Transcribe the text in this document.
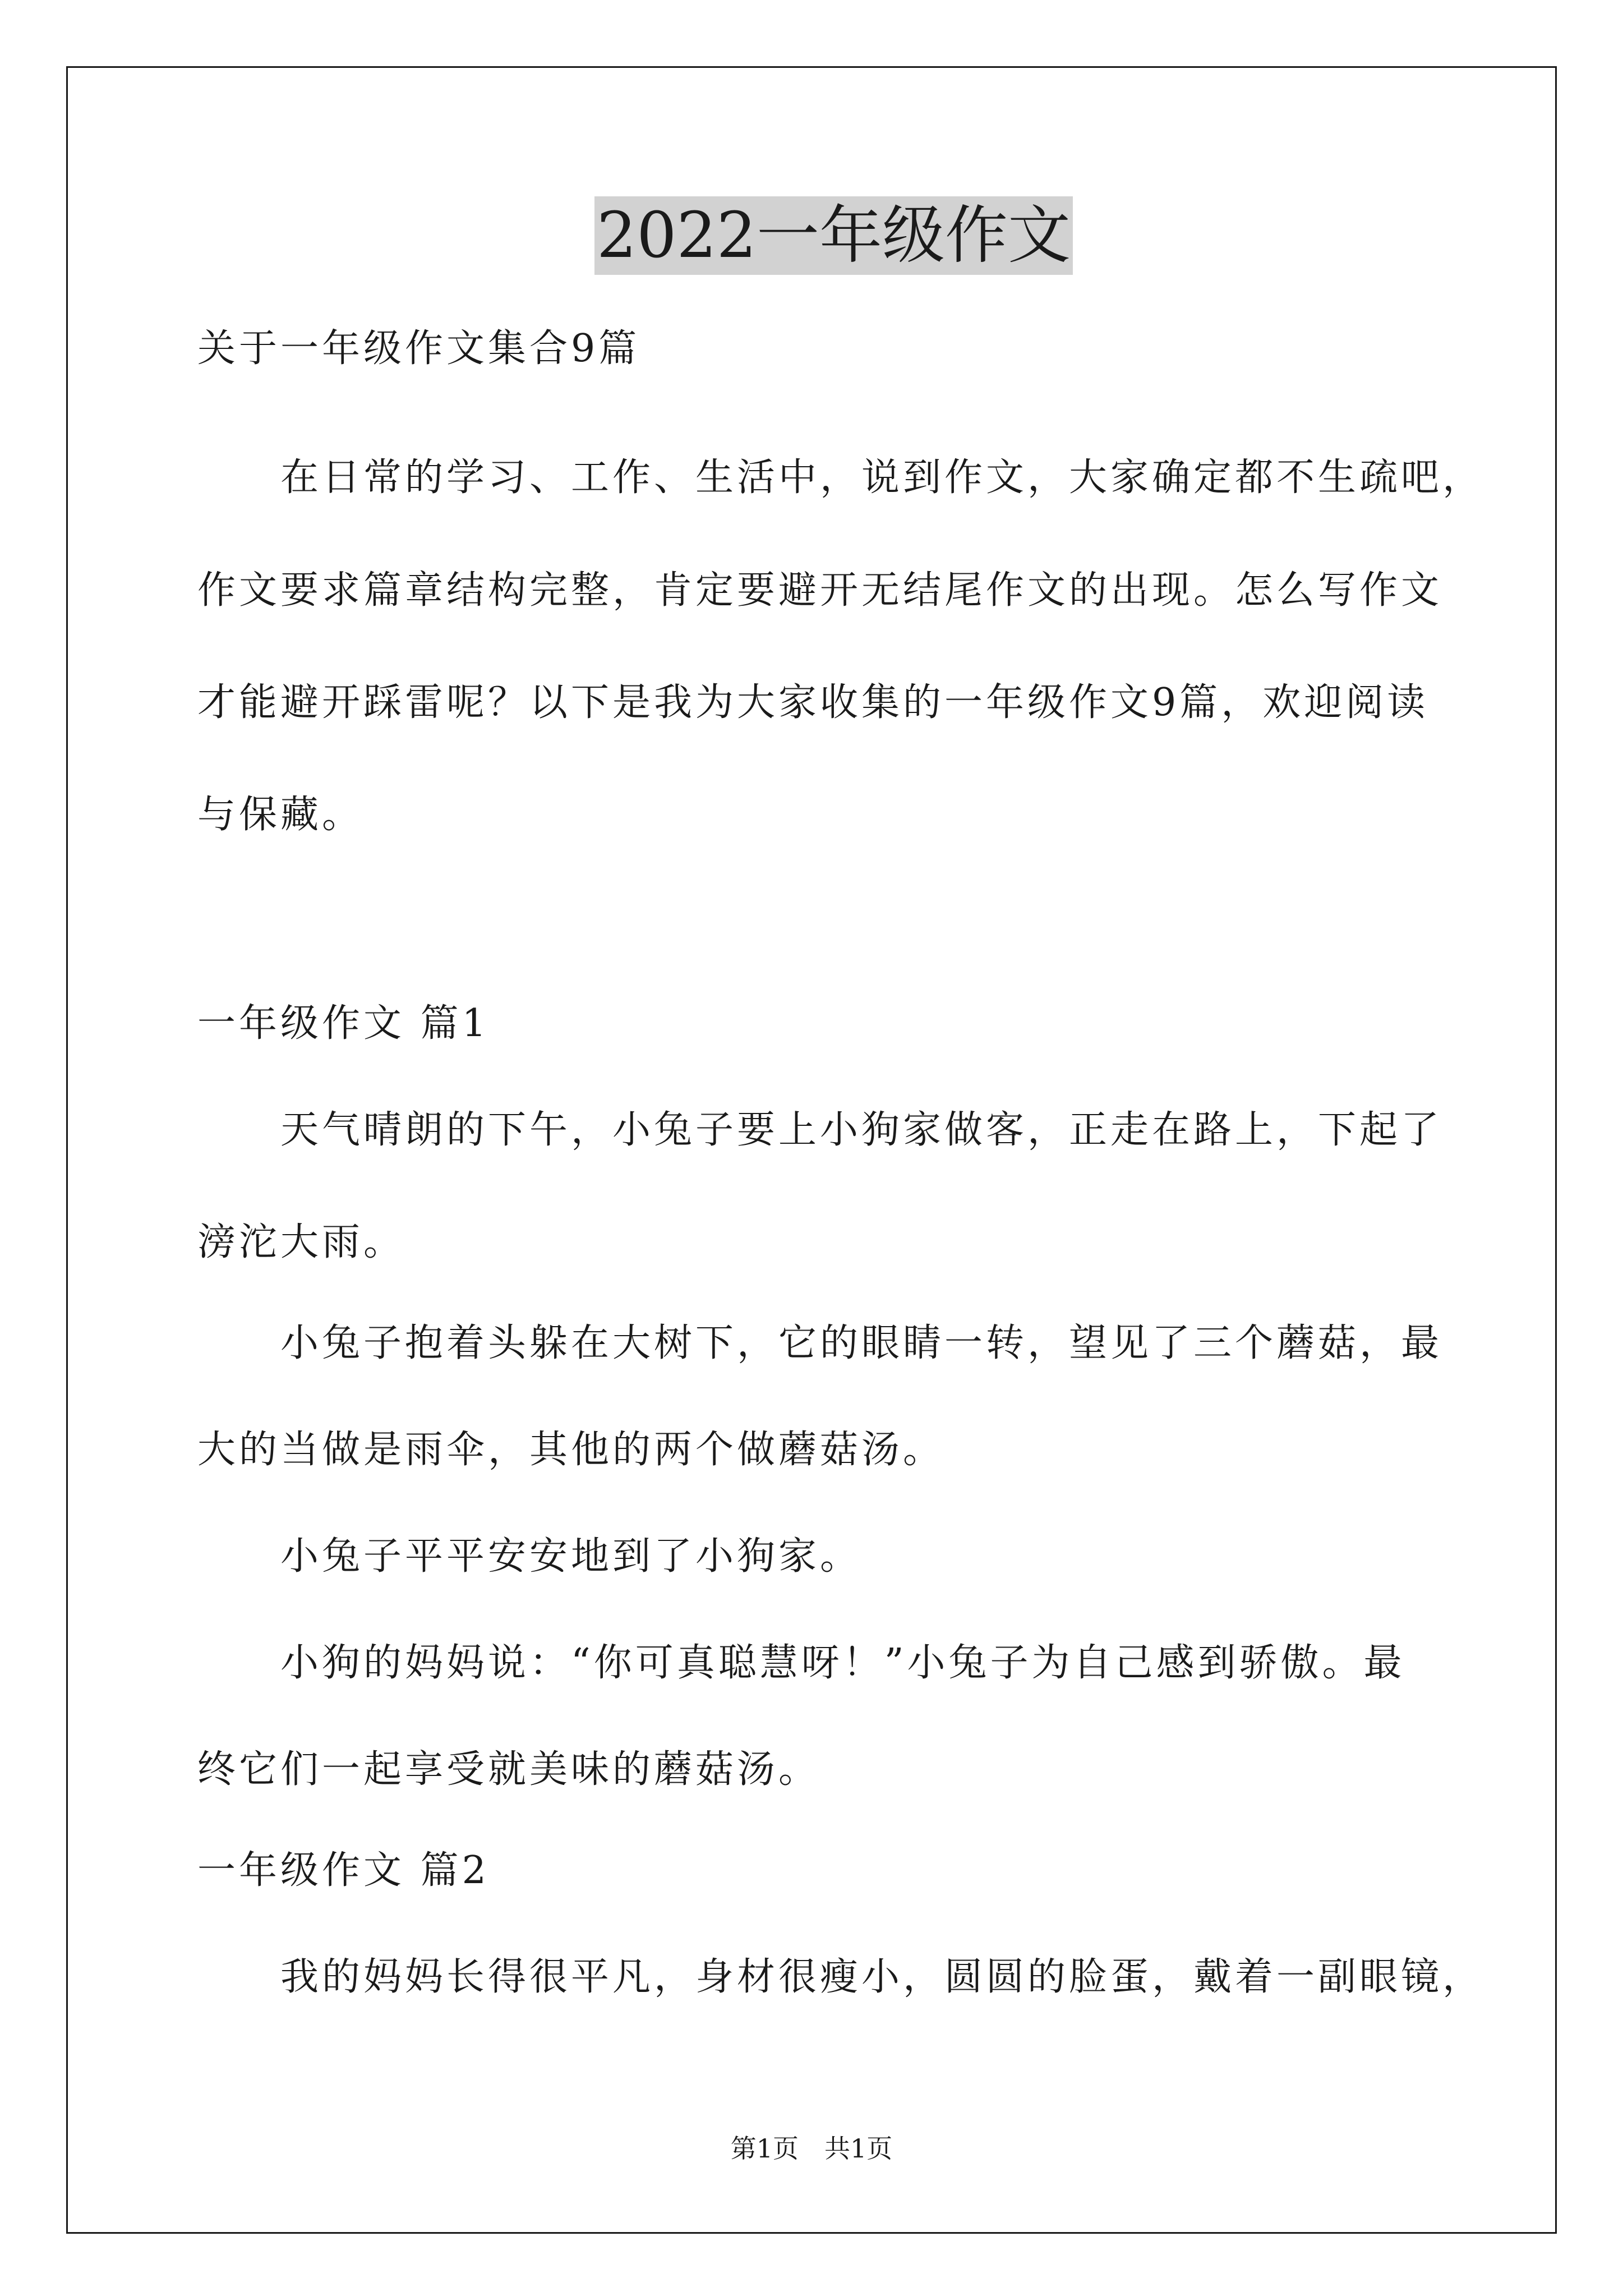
2022一年级作文
关于一年级作文集合9篇
　　在日常的学习、工作、生活中，说到作文，大家确定都不生疏吧，
作文要求篇章结构完整，肯定要避开无结尾作文的出现。怎么写作文
才能避开踩雷呢？以下是我为大家收集的一年级作文9篇，欢迎阅读
与保藏。
一年级作文 篇1
　　天气晴朗的下午，小兔子要上小狗家做客，正走在路上，下起了
滂沱大雨。
　　小兔子抱着头躲在大树下，它的眼睛一转，望见了三个蘑菇，最
大的当做是雨伞，其他的两个做蘑菇汤。
　　小兔子平平安安地到了小狗家。
　　小狗的妈妈说：“你可真聪慧呀！”小兔子为自己感到骄傲。最
终它们一起享受就美味的蘑菇汤。
一年级作文 篇2
　　我的妈妈长得很平凡，身材很瘦小，圆圆的脸蛋，戴着一副眼镜，
第1页　共1页
